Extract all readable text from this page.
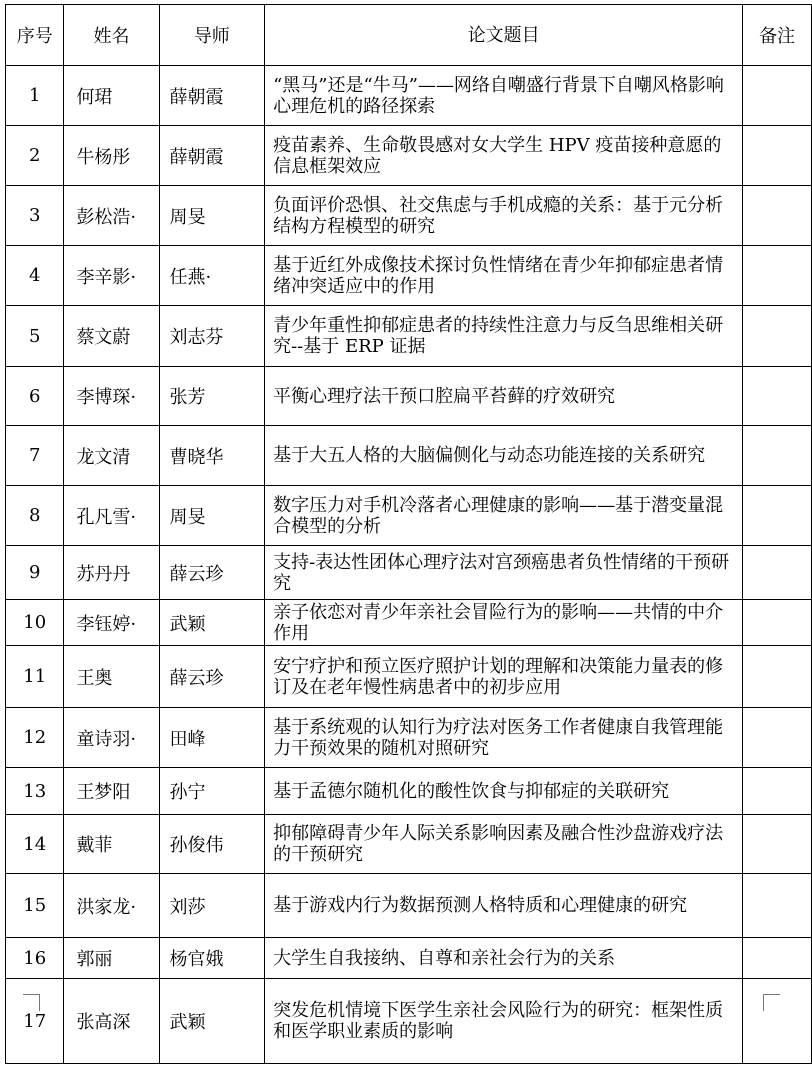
序号	姓名	导师	论文题目	备注
1	何珺	薛朝霞	“黑马”还是“牛马”——网络自嘲盛行背景下自嘲风格影响心理危机的路径探索	
2	牛杨彤	薛朝霞	疫苗素养、生命敬畏感对女大学生 HPV 疫苗接种意愿的信息框架效应	
3	彭松浩·	周旻	负面评价恐惧、社交焦虑与手机成瘾的关系：基于元分析结构方程模型的研究	
4	李辛影·	任燕·	基于近红外成像技术探讨负性情绪在青少年抑郁症患者情绪冲突适应中的作用	
5	蔡文蔚	刘志芬	青少年重性抑郁症患者的持续性注意力与反刍思维相关研究--基于 ERP 证据	
6	李博琛·	张芳	平衡心理疗法干预口腔扁平苔藓的疗效研究	
7	龙文清	曹晓华	基于大五人格的大脑偏侧化与动态功能连接的关系研究	
8	孔凡雪·	周旻	数字压力对手机冷落者心理健康的影响——基于潜变量混合模型的分析	
9	苏丹丹	薛云珍	支持-表达性团体心理疗法对宫颈癌患者负性情绪的干预研究	
10	李钰婷·	武颖	亲子依恋对青少年亲社会冒险行为的影响——共情的中介作用	
11	王奥	薛云珍	安宁疗护和预立医疗照护计划的理解和决策能力量表的修订及在老年慢性病患者中的初步应用	
12	童诗羽·	田峰	基于系统观的认知行为疗法对医务工作者健康自我管理能力干预效果的随机对照研究	
13	王梦阳	孙宁	基于孟德尔随机化的酸性饮食与抑郁症的关联研究	
14	戴菲	孙俊伟	抑郁障碍青少年人际关系影响因素及融合性沙盘游戏疗法的干预研究	
15	洪家龙·	刘莎	基于游戏内行为数据预测人格特质和心理健康的研究	
16	郭丽	杨官娥	大学生自我接纳、自尊和亲社会行为的关系	
17	张高深	武颖	突发危机情境下医学生亲社会风险行为的研究：框架性质和医学职业素质的影响	
